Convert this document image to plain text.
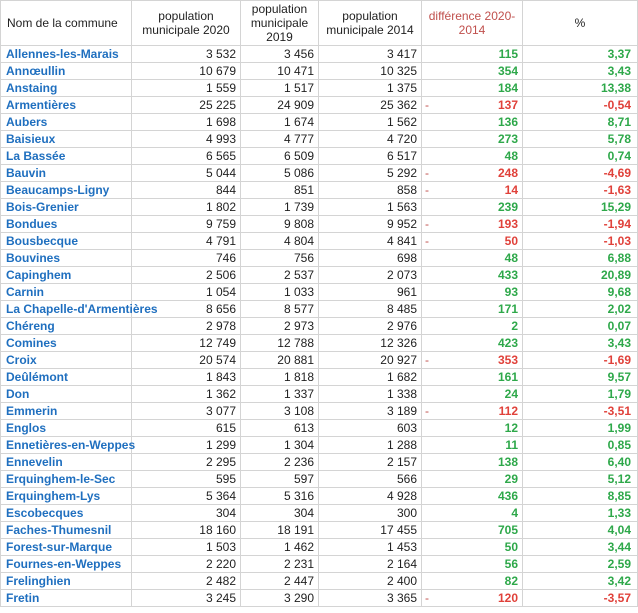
Nom de la commune	population municipale 2020	population municipale 2019	population municipale 2014	différence 2020-2014	%
Allennes-les-Marais	3 532	3 456	3 417	115	3,37
Annœullin	10 679	10 471	10 325	354	3,43
Anstaing	1 559	1 517	1 375	184	13,38
Armentières	25 225	24 909	25 362	- 137	-0,54
Aubers	1 698	1 674	1 562	136	8,71
Baisieux	4 993	4 777	4 720	273	5,78
La Bassée	6 565	6 509	6 517	48	0,74
Bauvin	5 044	5 086	5 292	- 248	-4,69
Beaucamps-Ligny	844	851	858	- 14	-1,63
Bois-Grenier	1 802	1 739	1 563	239	15,29
Bondues	9 759	9 808	9 952	- 193	-1,94
Bousbecque	4 791	4 804	4 841	- 50	-1,03
Bouvines	746	756	698	48	6,88
Capinghem	2 506	2 537	2 073	433	20,89
Carnin	1 054	1 033	961	93	9,68
La Chapelle-d'Armentières	8 656	8 577	8 485	171	2,02
Chéreng	2 978	2 973	2 976	2	0,07
Comines	12 749	12 788	12 326	423	3,43
Croix	20 574	20 881	20 927	- 353	-1,69
Deûlémont	1 843	1 818	1 682	161	9,57
Don	1 362	1 337	1 338	24	1,79
Emmerin	3 077	3 108	3 189	- 112	-3,51
Englos	615	613	603	12	1,99
Ennetières-en-Weppes	1 299	1 304	1 288	11	0,85
Ennevelin	2 295	2 236	2 157	138	6,40
Erquinghem-le-Sec	595	597	566	29	5,12
Erquinghem-Lys	5 364	5 316	4 928	436	8,85
Escobecques	304	304	300	4	1,33
Faches-Thumesnil	18 160	18 191	17 455	705	4,04
Forest-sur-Marque	1 503	1 462	1 453	50	3,44
Fournes-en-Weppes	2 220	2 231	2 164	56	2,59
Frelinghien	2 482	2 447	2 400	82	3,42
Fretin	3 245	3 290	3 365	- 120	-3,57
